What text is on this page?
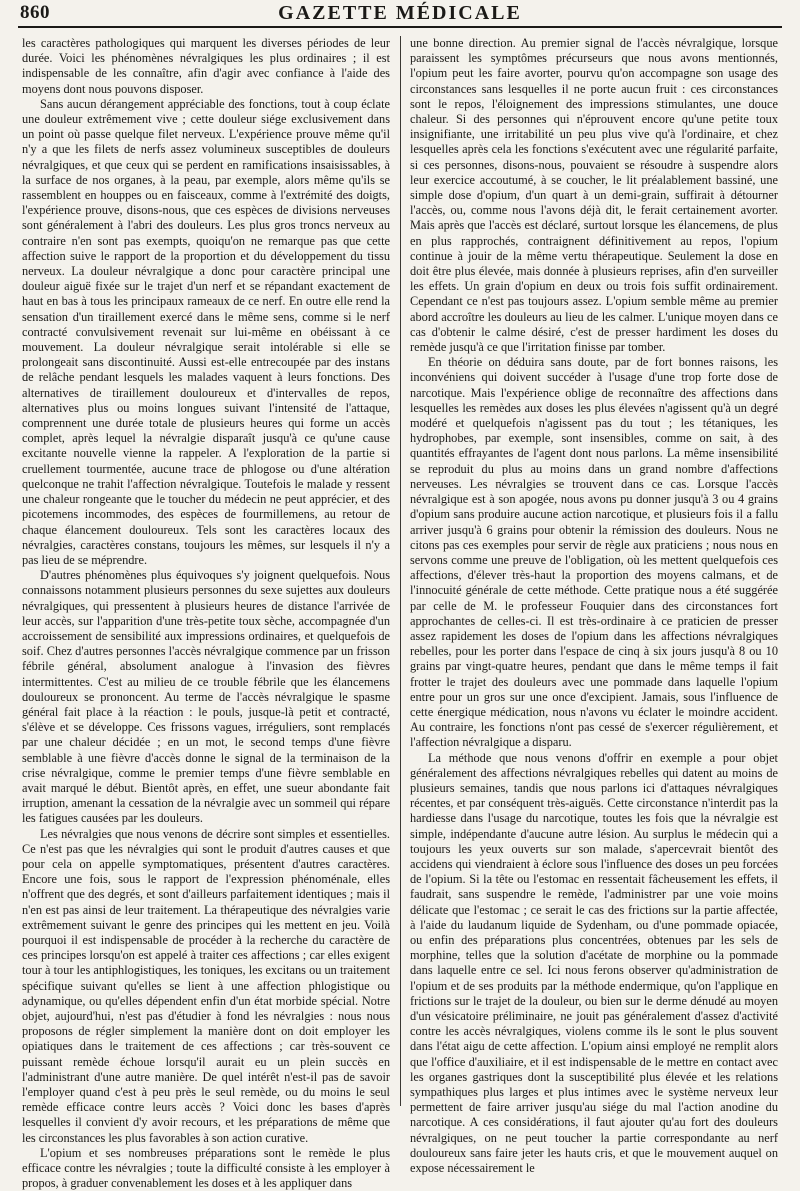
860	GAZETTE MÉDICALE

les caractères pathologiques qui marquent les diverses périodes de leur durée. Voici les phénomènes névralgiques les plus ordinaires ; il est indispensable de les connaître, afin d'agir avec confiance à l'aide des moyens dont nous pouvons disposer.

Sans aucun dérangement appréciable des fonctions, tout à coup éclate une douleur extrêmement vive ; cette douleur siége exclusivement dans un point où passe quelque filet nerveux. L'expérience prouve même qu'il n'y a que les filets de nerfs assez volumineux susceptibles de douleurs névralgiques, et que ceux qui se perdent en ramifications insaisissables, à la surface de nos organes, à la peau, par exemple, alors même qu'ils se rassemblent en houppes ou en faisceaux, comme à l'extrémité des doigts, l'expérience prouve, disons-nous, que ces espèces de divisions nerveuses sont généralement à l'abri des douleurs. Les plus gros troncs nerveux au contraire n'en sont pas exempts, quoiqu'on ne remarque pas que cette affection suive le rapport de la proportion et du développement du tissu nerveux. La douleur névralgique a donc pour caractère principal une douleur aiguë fixée sur le trajet d'un nerf et se répandant exactement de haut en bas à tous les principaux rameaux de ce nerf. En outre elle rend la sensation d'un tiraillement exercé dans le même sens, comme si le nerf contracté convulsivement revenait sur lui-même en obéissant à ce mouvement. La douleur névralgique serait intolérable si elle se prolongeait sans discontinuité. Aussi est-elle entrecoupée par des instans de relâche pendant lesquels les malades vaquent à leurs fonctions. Des alternatives de tiraillement douloureux et d'intervalles de repos, alternatives plus ou moins longues suivant l'intensité de l'attaque, comprennent une durée totale de plusieurs heures qui forme un accès complet, après lequel la névralgie disparaît jusqu'à ce qu'une cause excitante nouvelle vienne la rappeler. A l'exploration de la partie si cruellement tourmentée, aucune trace de phlogose ou d'une altération quelconque ne trahit l'affection névralgique. Toutefois le malade y ressent une chaleur rongeante que le toucher du médecin ne peut apprécier, et des picotemens incommodes, des espèces de fourmillemens, au retour de chaque élancement douloureux. Tels sont les caractères locaux des névralgies, caractères constans, toujours les mêmes, sur lesquels il n'y a pas lieu de se méprendre.

D'autres phénomènes plus équivoques s'y joignent quelquefois. Nous connaissons notamment plusieurs personnes du sexe sujettes aux douleurs névralgiques, qui pressentent à plusieurs heures de distance l'arrivée de leur accès, sur l'apparition d'une très-petite toux sèche, accompagnée d'un accroissement de sensibilité aux impressions ordinaires, et quelquefois de soif. Chez d'autres personnes l'accès névralgique commence par un frisson fébrile général, absolument analogue à l'invasion des fièvres intermittentes. C'est au milieu de ce trouble fébrile que les élancemens douloureux se prononcent. Au terme de l'accès névralgique le spasme général fait place à la réaction : le pouls, jusque-là petit et contracté, s'élève et se développe. Ces frissons vagues, irréguliers, sont remplacés par une chaleur décidée ; en un mot, le second temps d'une fièvre semblable à une fièvre d'accès donne le signal de la terminaison de la crise névralgique, comme le premier temps d'une fièvre semblable en avait marqué le début. Bientôt après, en effet, une sueur abondante fait irruption, amenant la cessation de la névralgie avec un sommeil qui répare les fatigues causées par les douleurs.

Les névralgies que nous venons de décrire sont simples et essentielles. Ce n'est pas que les névralgies qui sont le produit d'autres causes et que pour cela on appelle symptomatiques, présentent d'autres caractères. Encore une fois, sous le rapport de l'expression phénoménale, elles n'offrent que des degrés, et sont d'ailleurs parfaitement identiques ; mais il n'en est pas ainsi de leur traitement. La thérapeutique des névralgies varie extrêmement suivant le genre des principes qui les mettent en jeu. Voilà pourquoi il est indispensable de procéder à la recherche du caractère de ces principes lorsqu'on est appelé à traiter ces affections ; car elles exigent tour à tour les antiphlogistiques, les toniques, les excitans ou un traitement spécifique suivant qu'elles se lient à une affection phlogistique ou adynamique, ou qu'elles dépendent enfin d'un état morbide spécial. Notre objet, aujourd'hui, n'est pas d'étudier à fond les névralgies : nous nous proposons de régler simplement la manière dont on doit employer les opiatiques dans le traitement de ces affections ; car très-souvent ce puissant remède échoue lorsqu'il aurait eu un plein succès en l'administrant d'une autre manière. De quel intérêt n'est-il pas de savoir l'employer quand c'est à peu près le seul remède, ou du moins le seul remède efficace contre leurs accès ? Voici donc les bases d'après lesquelles il convient d'y avoir recours, et les préparations de même que les circonstances les plus favorables à son action curative.

L'opium et ses nombreuses préparations sont le remède le plus efficace contre les névralgies ; toute la difficulté consiste à les employer à propos, à graduer convenablement les doses et à les appliquer dans

une bonne direction. Au premier signal de l'accès névralgique, lorsque paraissent les symptômes précurseurs que nous avons mentionnés, l'opium peut les faire avorter, pourvu qu'on accompagne son usage des circonstances sans lesquelles il ne porte aucun fruit : ces circonstances sont le repos, l'éloignement des impressions stimulantes, une douce chaleur. Si des personnes qui n'éprouvent encore qu'une petite toux insignifiante, une irritabilité un peu plus vive qu'à l'ordinaire, et chez lesquelles après cela les fonctions s'exécutent avec une régularité parfaite, si ces personnes, disons-nous, pouvaient se résoudre à suspendre alors leur exercice accoutumé, à se coucher, le lit préalablement bassiné, une simple dose d'opium, d'un quart à un demi-grain, suffirait à détourner l'accès, ou, comme nous l'avons déjà dit, le ferait certainement avorter. Mais après que l'accès est déclaré, surtout lorsque les élancemens, de plus en plus rapprochés, contraignent définitivement au repos, l'opium continue à jouir de la même vertu thérapeutique. Seulement la dose en doit être plus élevée, mais donnée à plusieurs reprises, afin d'en surveiller les effets. Un grain d'opium en deux ou trois fois suffit ordinairement. Cependant ce n'est pas toujours assez. L'opium semble même au premier abord accroître les douleurs au lieu de les calmer. L'unique moyen dans ce cas d'obtenir le calme désiré, c'est de presser hardiment les doses du remède jusqu'à ce que l'irritation finisse par tomber.

En théorie on déduira sans doute, par de fort bonnes raisons, les inconvéniens qui doivent succéder à l'usage d'une trop forte dose de narcotique. Mais l'expérience oblige de reconnaître des affections dans lesquelles les remèdes aux doses les plus élevées n'agissent qu'à un degré modéré et quelquefois n'agissent pas du tout ; les tétaniques, les hydrophobes, par exemple, sont insensibles, comme on sait, à des quantités effrayantes de l'agent dont nous parlons. La même insensibilité se reproduit du plus au moins dans un grand nombre d'affections nerveuses. Les névralgies se trouvent dans ce cas. Lorsque l'accès névralgique est à son apogée, nous avons pu donner jusqu'à 3 ou 4 grains d'opium sans produire aucune action narcotique, et plusieurs fois il a fallu arriver jusqu'à 6 grains pour obtenir la rémission des douleurs. Nous ne citons pas ces exemples pour servir de règle aux praticiens ; nous nous en servons comme une preuve de l'obligation, où les mettent quelquefois ces affections, d'élever très-haut la proportion des moyens calmans, et de l'innocuité générale de cette méthode. Cette pratique nous a été suggérée par celle de M. le professeur Fouquier dans des circonstances fort approchantes de celles-ci. Il est très-ordinaire à ce praticien de presser assez rapidement les doses de l'opium dans les affections névralgiques rebelles, pour les porter dans l'espace de cinq à six jours jusqu'à 8 ou 10 grains par vingt-quatre heures, pendant que dans le même temps il fait frotter le trajet des douleurs avec une pommade dans laquelle l'opium entre pour un gros sur une once d'excipient. Jamais, sous l'influence de cette énergique médication, nous n'avons vu éclater le moindre accident. Au contraire, les fonctions n'ont pas cessé de s'exercer régulièrement, et l'affection névralgique a disparu.

La méthode que nous venons d'offrir en exemple a pour objet généralement des affections névralgiques rebelles qui datent au moins de plusieurs semaines, tandis que nous parlons ici d'attaques névralgiques récentes, et par conséquent très-aiguës. Cette circonstance n'interdit pas la hardiesse dans l'usage du narcotique, toutes les fois que la névralgie est simple, indépendante d'aucune autre lésion. Au surplus le médecin qui a toujours les yeux ouverts sur son malade, s'apercevrait bientôt des accidens qui viendraient à éclore sous l'influence des doses un peu forcées de l'opium. Si la tête ou l'estomac en ressentait fâcheusement les effets, il faudrait, sans suspendre le remède, l'administrer par une voie moins délicate que l'estomac ; ce serait le cas des frictions sur la partie affectée, à l'aide du laudanum liquide de Sydenham, ou d'une pommade opiacée, ou enfin des préparations plus concentrées, obtenues par les sels de morphine, telles que la solution d'acétate de morphine ou la pommade dans laquelle entre ce sel. Ici nous ferons observer qu'administration de l'opium et de ses produits par la méthode endermique, qu'on l'applique en frictions sur le trajet de la douleur, ou bien sur le derme dénudé au moyen d'un vésicatoire préliminaire, ne jouit pas généralement d'assez d'activité contre les accès névralgiques, violens comme ils le sont le plus souvent dans l'état aigu de cette affection. L'opium ainsi employé ne remplit alors que l'office d'auxiliaire, et il est indispensable de le mettre en contact avec les organes gastriques dont la susceptibilité plus élevée et les relations sympathiques plus larges et plus intimes avec le système nerveux leur permettent de faire arriver jusqu'au siége du mal l'action anodine du narcotique. A ces considérations, il faut ajouter qu'au fort des douleurs névralgiques, on ne peut toucher la partie correspondante au nerf douloureux sans faire jeter les hauts cris, et que le mouvement auquel on expose nécessairement le
